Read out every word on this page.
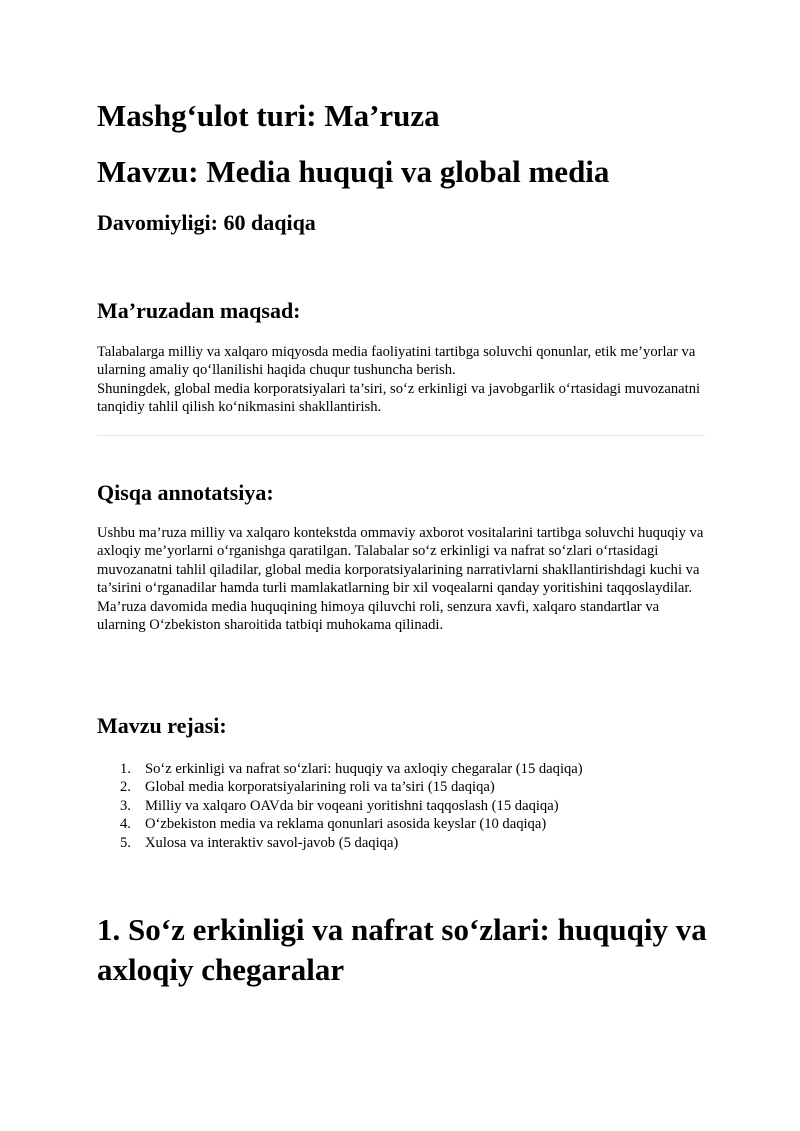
Mashg‘ulot turi: Ma’ruza
Mavzu: Media huquqi va global media
Davomiyligi: 60 daqiqa
Ma’ruzadan maqsad:
Talabalarga milliy va xalqaro miqyosda media faoliyatini tartibga soluvchi qonunlar, etik me’yorlar va ularning amaliy qo‘llanilishi haqida chuqur tushuncha berish.
Shuningdek, global media korporatsiyalari ta’siri, so‘z erkinligi va javobgarlik o‘rtasidagi muvozanatni tanqidiy tahlil qilish ko‘nikmasini shakllantirish.
Qisqa annotatsiya:
Ushbu ma’ruza milliy va xalqaro kontekstda ommaviy axborot vositalarini tartibga soluvchi huquqiy va axloqiy me’yorlarni o‘rganishga qaratilgan. Talabalar so‘z erkinligi va nafrat so‘zlari o‘rtasidagi muvozanatni tahlil qiladilar, global media korporatsiyalarining narrativlarni shakllantirishdagi kuchi va ta’sirini o‘rganadilar hamda turli mamlakatlarning bir xil voqealarni qanday yoritishini taqqoslaydilar.
Ma’ruza davomida media huquqining himoya qiluvchi roli, senzura xavfi, xalqaro standartlar va ularning O‘zbekiston sharoitida tatbiqi muhokama qilinadi.
Mavzu rejasi:
1. So‘z erkinligi va nafrat so‘zlari: huquqiy va axloqiy chegaralar (15 daqiqa)
2. Global media korporatsiyalarining roli va ta’siri (15 daqiqa)
3. Milliy va xalqaro OAVda bir voqeani yoritishni taqqoslash (15 daqiqa)
4. O‘zbekiston media va reklama qonunlari asosida keyslar (10 daqiqa)
5. Xulosa va interaktiv savol-javob (5 daqiqa)
1. So‘z erkinligi va nafrat so‘zlari: huquqiy va axloqiy chegaralar
